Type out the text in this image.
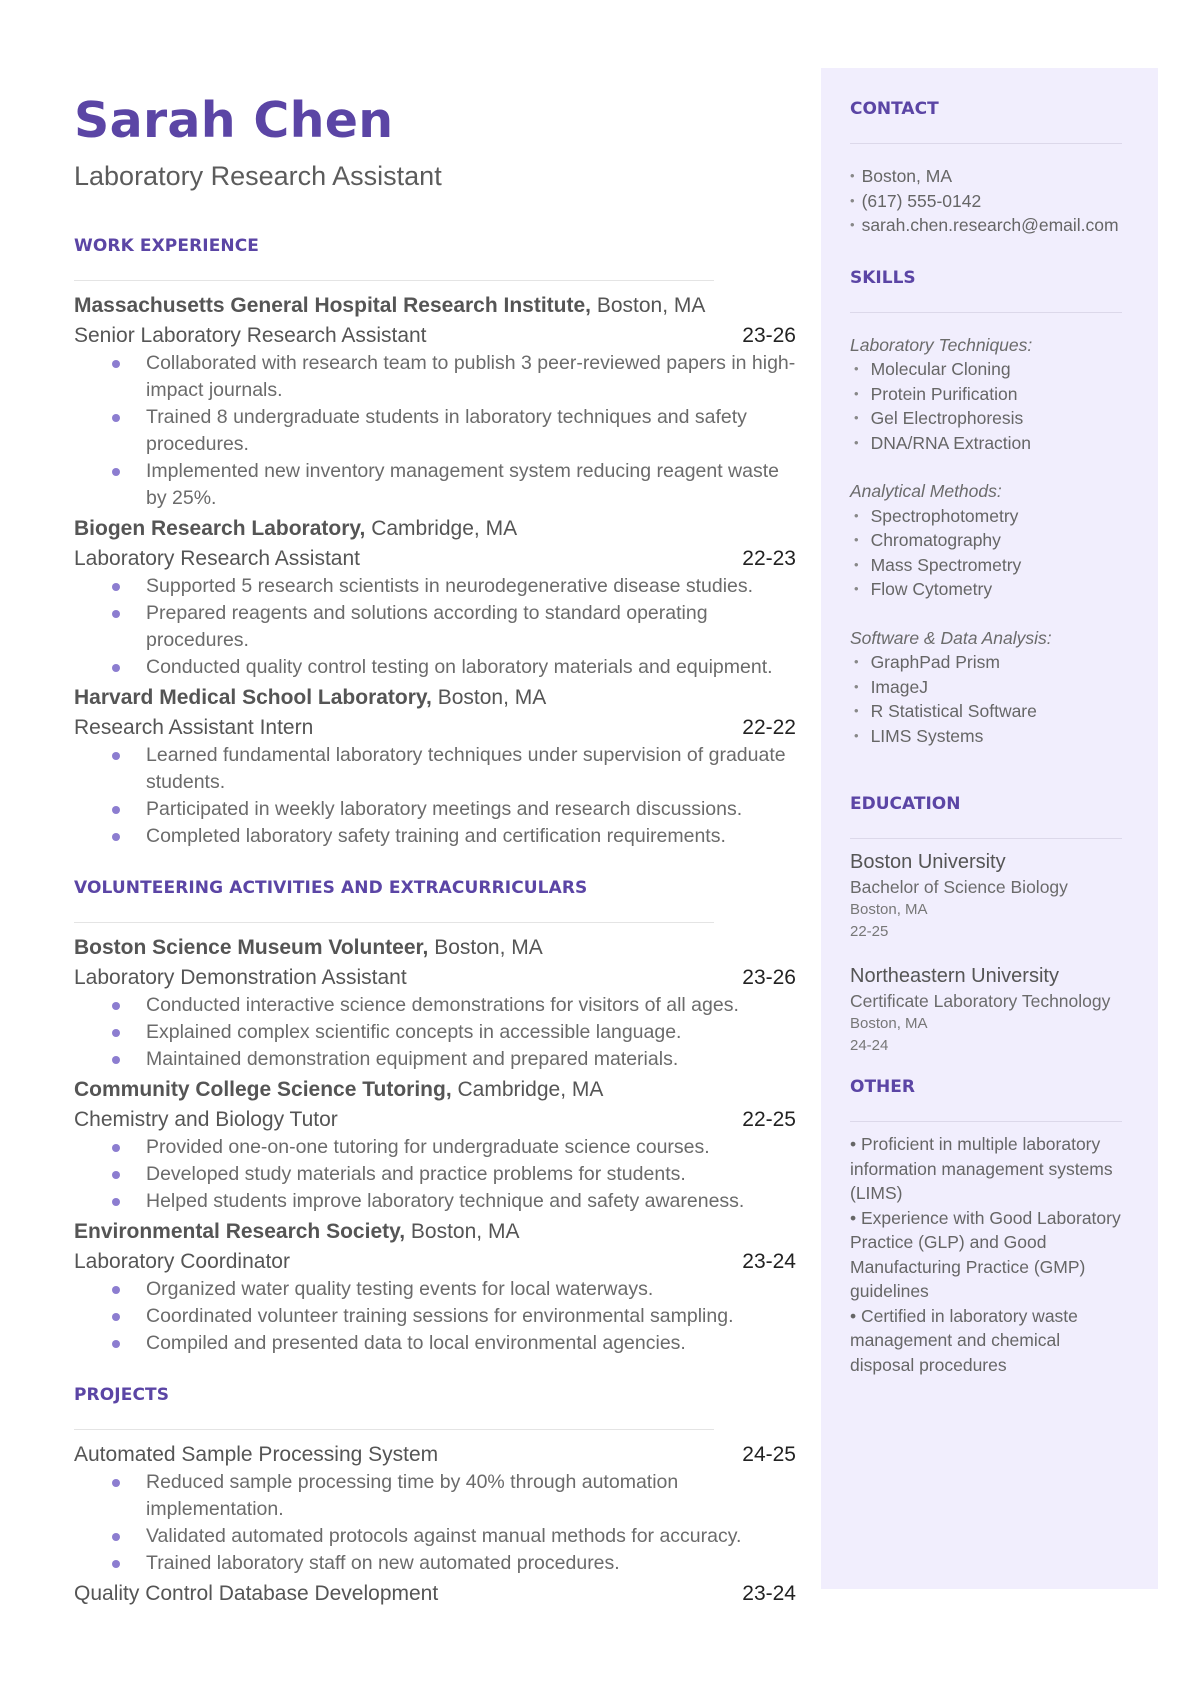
Sarah Chen
Laboratory Research Assistant
WORK EXPERIENCE
Massachusetts General Hospital Research Institute, Boston, MA
Senior Laboratory Research Assistant	23-26
Collaborated with research team to publish 3 peer-reviewed papers in high-impact journals.
Trained 8 undergraduate students in laboratory techniques and safety procedures.
Implemented new inventory management system reducing reagent waste by 25%.
Biogen Research Laboratory, Cambridge, MA
Laboratory Research Assistant	22-23
Supported 5 research scientists in neurodegenerative disease studies.
Prepared reagents and solutions according to standard operating procedures.
Conducted quality control testing on laboratory materials and equipment.
Harvard Medical School Laboratory, Boston, MA
Research Assistant Intern	22-22
Learned fundamental laboratory techniques under supervision of graduate students.
Participated in weekly laboratory meetings and research discussions.
Completed laboratory safety training and certification requirements.
VOLUNTEERING ACTIVITIES AND EXTRACURRICULARS
Boston Science Museum Volunteer, Boston, MA
Laboratory Demonstration Assistant	23-26
Conducted interactive science demonstrations for visitors of all ages.
Explained complex scientific concepts in accessible language.
Maintained demonstration equipment and prepared materials.
Community College Science Tutoring, Cambridge, MA
Chemistry and Biology Tutor	22-25
Provided one-on-one tutoring for undergraduate science courses.
Developed study materials and practice problems for students.
Helped students improve laboratory technique and safety awareness.
Environmental Research Society, Boston, MA
Laboratory Coordinator	23-24
Organized water quality testing events for local waterways.
Coordinated volunteer training sessions for environmental sampling.
Compiled and presented data to local environmental agencies.
PROJECTS
Automated Sample Processing System	24-25
Reduced sample processing time by 40% through automation implementation.
Validated automated protocols against manual methods for accuracy.
Trained laboratory staff on new automated procedures.
Quality Control Database Development	23-24
CONTACT
• Boston, MA
• (617) 555-0142
• sarah.chen.research@email.com
SKILLS
Laboratory Techniques:
• Molecular Cloning
• Protein Purification
• Gel Electrophoresis
• DNA/RNA Extraction
Analytical Methods:
• Spectrophotometry
• Chromatography
• Mass Spectrometry
• Flow Cytometry
Software & Data Analysis:
• GraphPad Prism
• ImageJ
• R Statistical Software
• LIMS Systems
EDUCATION
Boston University
Bachelor of Science Biology
Boston, MA
22-25
Northeastern University
Certificate Laboratory Technology
Boston, MA
24-24
OTHER
• Proficient in multiple laboratory information management systems (LIMS)
• Experience with Good Laboratory Practice (GLP) and Good Manufacturing Practice (GMP) guidelines
• Certified in laboratory waste management and chemical disposal procedures
